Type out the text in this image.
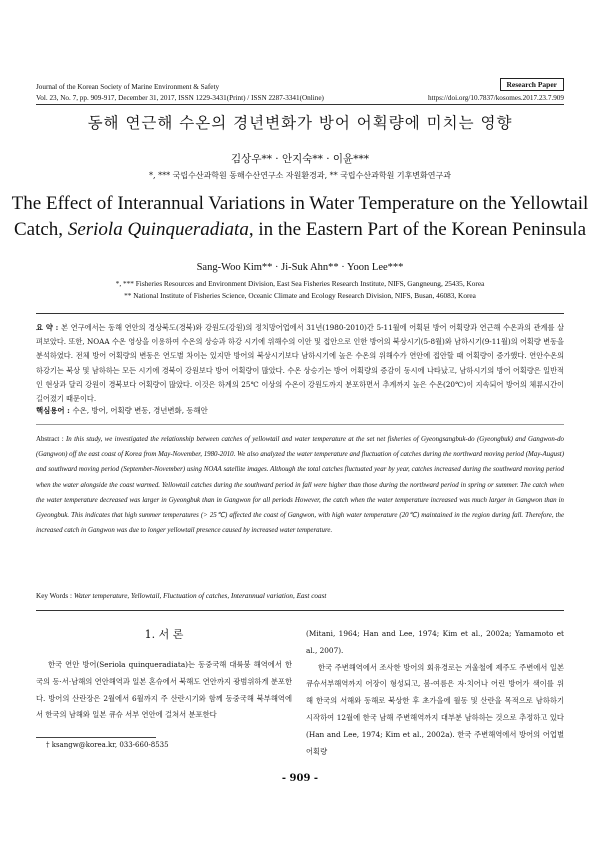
Journal of the Korean Society of Marine Environment & Safety
Vol. 23, No. 7, pp. 909-917, December 31, 2017, ISSN 1229-3431(Print) / ISSN 2287-3341(Online)	https://doi.org/10.7837/kosomes.2017.23.7.909
Research Paper
동해 연근해 수온의 경년변화가 방어 어획량에 미치는 영향
김상우** · 안지숙** · 이윤***
*, *** 국립수산과학원 동해수산연구소 자원환경과, ** 국립수산과학원 기후변화연구과
The Effect of Interannual Variations in Water Temperature on the Yellowtail
Catch, Seriola Quinqueradiata, in the Eastern Part of the Korean Peninsula
Sang-Woo Kim** · Ji-Suk Ahn** · Yoon Lee***
*, *** Fisheries Resources and Environment Division, East Sea Fisheries Research Institute, NIFS, Gangneung, 25435, Korea
** National Institute of Fisheries Science, Oceanic Climate and Ecology Research Division, NIFS, Busan, 46083, Korea
요 약 : 본 연구에서는 동해 연안의 경상북도(경북)와 강원도(강원)의 정치망어업에서 31년(1980-2010)간 5-11월에 어획된 방어 어획량과 연근해 수온과의 관계를 살펴보았다. 또한, NOAA 수온 영상을 이용하여 수온의 상승과 하강 시기에 위해수의 이안 및 접안으로 인한 방어의 북상시기(5-8월)와 남하시기(9-11월)의 어획량 변동을 분석하였다. 전체 방어 어획량의 변동은 연도별 차이는 있지만 방어의 북상시기보다 남하시기에 높은 수온의 위해수가 연안에 접안할 때 어획량이 증가했다. 연안수온의 하강기는 북상 및 남하하는 모든 시기에 경북이 강원보다 방어 어획량이 많았다. 수온 상승기는 방어 어획량의 증감이 동시에 나타났고, 남하시기의 방어 어획량은 일반적인 현상과 달리 강원이 경북보다 어획량이 많았다. 이것은 하계의 25℃ 이상의 수온이 강원도까지 분포하면서 추계까지 높은 수온(20℃)이 지속되어 방어의 체류시간이 길어졌기 때문이다.
핵심용어 : 수온, 방어, 어획량 변동, 경년변화, 동해안
Abstract : In this study, we investigated the relationship between catches of yellowtail and water temperature at the set net fisheries of Gyeongsangbuk-do (Gyeongbuk) and Gangwon-do (Gangwon) off the east coast of Korea from May-November, 1980-2010. We also analyzed the water temperature and fluctuation of catches during the northward moving period (May-August) and southward moving period (September-November) using NOAA satellite images. Although the total catches fluctuated year by year, catches increased during the southward moving period when the water alongside the coast warmed. Yellowtail catches during the southward period in fall were higher than those during the northward period in spring or summer. The catch when the water temperature decreased was larger in Gyeongbuk than in Gangwon for all periods However, the catch when the water temperature increased was much larger in Gangwon than in Gyeongbuk. This indicates that high summer temperatures (> 25℃) affected the coast of Gangwon, with high water temperature (20℃) maintained in the region during fall. Therefore, the increased catch in Gangwon was due to longer yellowtail presence caused by increased water temperature.
Key Words : Water temperature, Yellowtail, Fluctuation of catches, Interannual variation, East coast
1. 서 론
한국 연안 방어(Seriola quinqueradiata)는 동중국해 대륙붕 해역에서 한국의 동·서·남해의 연안해역과 일본 혼슈에서 북해도 연안까지 광범위하게 분포한다. 방어의 산란장은 2월에서 6월까지 주 산란시기와 함께 동중국해 북부해역에서 한국의 남해와 일본 큐슈 서부 연안에 걸쳐서 분포한다
(Mitani, 1964; Han and Lee, 1974; Kim et al., 2002a; Yamamoto et al., 2007).
한국 주변해역에서 조사한 방어의 회유경로는 겨울철에 제주도 주변에서 일본 큐슈서부해역까지 어장이 형성되고, 봄-여름은 자·치어나 어린 방어가 색이를 위해 한국의 서해와 동해로 북상한 후 초가을에 월동 및 산란을 목적으로 남하하기 시작하여 12월에 한국 남해 주변해역까지 대부분 남하하는 것으로 추정하고 있다(Han and Lee, 1974; Kim et al., 2002a). 한국 주변해역에서 방어의 어업별 어획량
† ksangw@korea.kr, 033-660-8535
- 909 -
